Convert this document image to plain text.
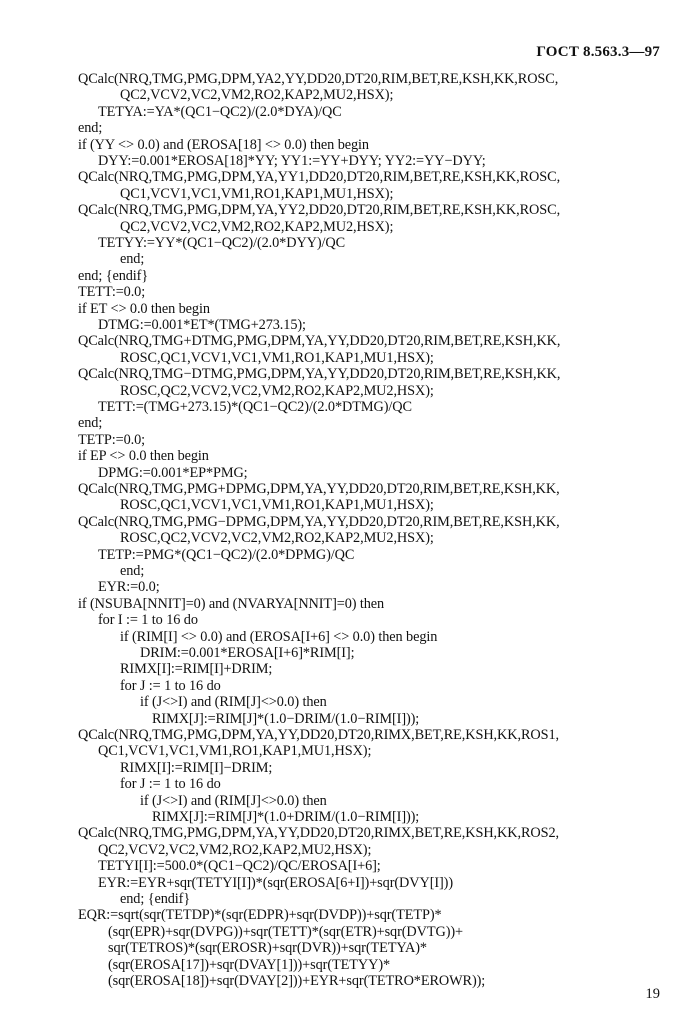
ГОСТ 8.563.3—97
QCalc(NRQ,TMG,PMG,DPM,YA2,YY,DD20,DT20,RIM,BET,RE,KSH,KK,ROSC,
QC2,VCV2,VC2,VM2,RO2,KAP2,MU2,HSX);
TETYA:=YA*(QC1−QC2)/(2.0*DYA)/QC
end;
if (YY <> 0.0) and (EROSA[18] <> 0.0) then begin
DYY:=0.001*EROSA[18]*YY; YY1:=YY+DYY; YY2:=YY−DYY;
QCalc(NRQ,TMG,PMG,DPM,YA,YY1,DD20,DT20,RIM,BET,RE,KSH,KK,ROSC,
QC1,VCV1,VC1,VM1,RO1,KAP1,MU1,HSX);
QCalc(NRQ,TMG,PMG,DPM,YA,YY2,DD20,DT20,RIM,BET,RE,KSH,KK,ROSC,
QC2,VCV2,VC2,VM2,RO2,KAP2,MU2,HSX);
TETYY:=YY*(QC1−QC2)/(2.0*DYY)/QC
end;
end; {endif}
TETT:=0.0;
if ET <> 0.0 then begin
DTMG:=0.001*ET*(TMG+273.15);
QCalc(NRQ,TMG+DTMG,PMG,DPM,YA,YY,DD20,DT20,RIM,BET,RE,KSH,KK,
ROSC,QC1,VCV1,VC1,VM1,RO1,KAP1,MU1,HSX);
QCalc(NRQ,TMG−DTMG,PMG,DPM,YA,YY,DD20,DT20,RIM,BET,RE,KSH,KK,
ROSC,QC2,VCV2,VC2,VM2,RO2,KAP2,MU2,HSX);
TETT:=(TMG+273.15)*(QC1−QC2)/(2.0*DTMG)/QC
end;
TETP:=0.0;
if EP <> 0.0 then begin
DPMG:=0.001*EP*PMG;
QCalc(NRQ,TMG,PMG+DPMG,DPM,YA,YY,DD20,DT20,RIM,BET,RE,KSH,KK,
ROSC,QC1,VCV1,VC1,VM1,RO1,KAP1,MU1,HSX);
QCalc(NRQ,TMG,PMG−DPMG,DPM,YA,YY,DD20,DT20,RIM,BET,RE,KSH,KK,
ROSC,QC2,VCV2,VC2,VM2,RO2,KAP2,MU2,HSX);
TETP:=PMG*(QC1−QC2)/(2.0*DPMG)/QC
end;
EYR:=0.0;
if (NSUBA[NNIT]=0) and (NVARYA[NNIT]=0) then
for I := 1 to 16 do
if (RIM[I] <> 0.0) and (EROSA[I+6] <> 0.0) then begin
DRIM:=0.001*EROSA[I+6]*RIM[I];
RIMX[I]:=RIM[I]+DRIM;
for J := 1 to 16 do
if (J<>I) and (RIM[J]<>0.0) then
RIMX[J]:=RIM[J]*(1.0−DRIM/(1.0−RIM[I]));
QCalc(NRQ,TMG,PMG,DPM,YA,YY,DD20,DT20,RIMX,BET,RE,KSH,KK,ROS1,
QC1,VCV1,VC1,VM1,RO1,KAP1,MU1,HSX);
RIMX[I]:=RIM[I]−DRIM;
for J := 1 to 16 do
if (J<>I) and (RIM[J]<>0.0) then
RIMX[J]:=RIM[J]*(1.0+DRIM/(1.0−RIM[I]));
QCalc(NRQ,TMG,PMG,DPM,YA,YY,DD20,DT20,RIMX,BET,RE,KSH,KK,ROS2,
QC2,VCV2,VC2,VM2,RO2,KAP2,MU2,HSX);
TETYI[I]:=500.0*(QC1−QC2)/QC/EROSA[I+6];
EYR:=EYR+sqr(TETYI[I])*(sqr(EROSA[6+I])+sqr(DVY[I]))
end; {endif}
EQR:=sqrt(sqr(TETDP)*(sqr(EDPR)+sqr(DVDP))+sqr(TETP)*
(sqr(EPR)+sqr(DVPG))+sqr(TETT)*(sqr(ETR)+sqr(DVTG))+
sqr(TETROS)*(sqr(EROSR)+sqr(DVR))+sqr(TETYA)*
(sqr(EROSA[17])+sqr(DVAY[1]))+sqr(TETYY)*
(sqr(EROSA[18])+sqr(DVAY[2]))+EYR+sqr(TETRO*EROWR));
19
